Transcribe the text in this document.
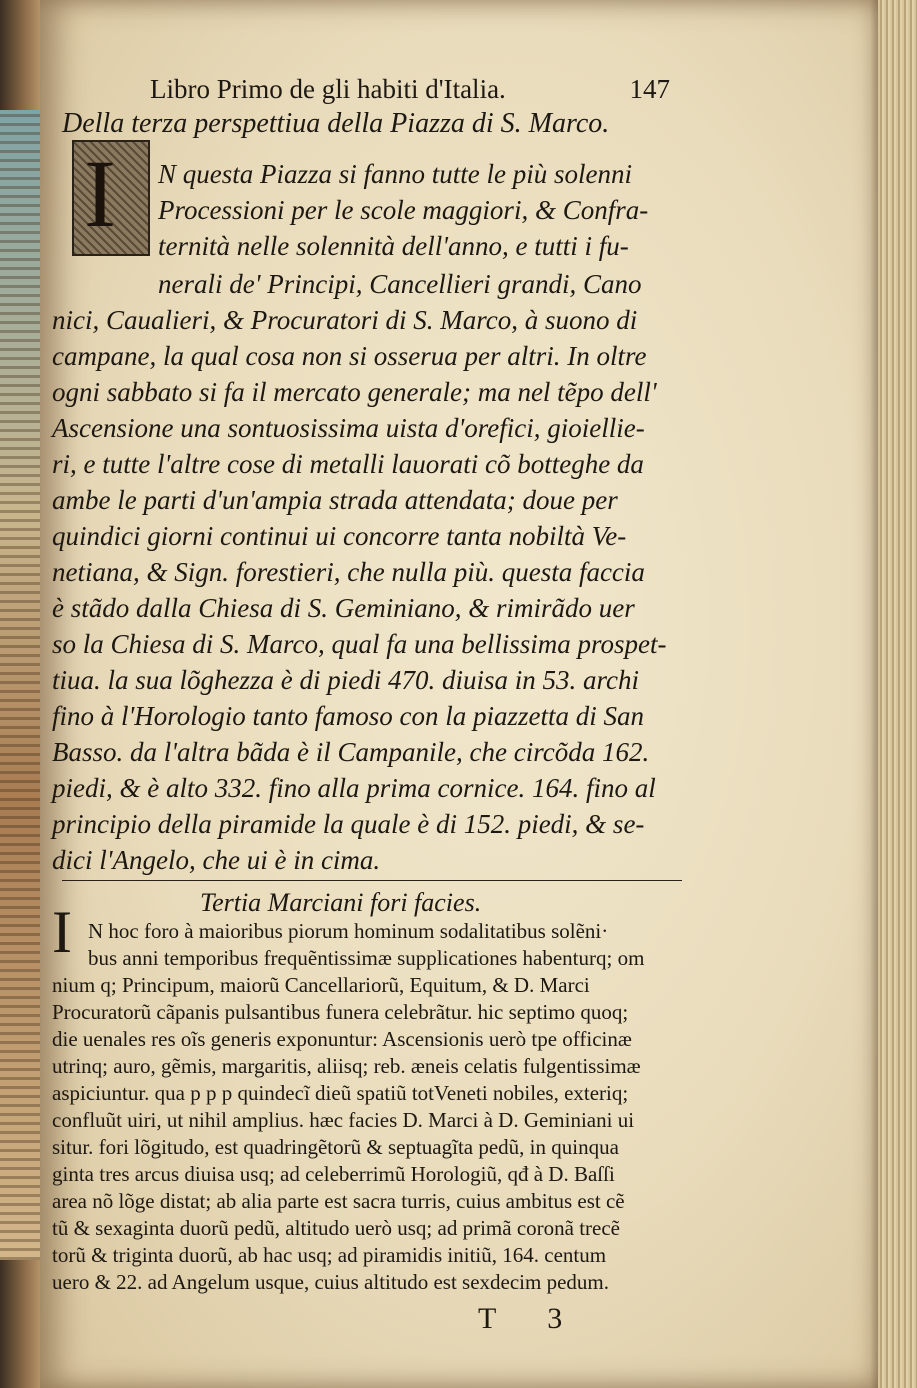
Libro Primo de gli habiti d'Italia.	147
Della terza perspettiua della Piazza di S. Marco.
I N questa Piazza si fanno tutte le più solenni
Processioni per le scole maggiori, & Confra-
ternità nelle solennità dell'anno, e tutti i fu-
nerali de' Principi, Cancellieri grandi, Cano
nici, Caualieri, & Procuratori di S. Marco, à suono di
campane, la qual cosa non si osserua per altri. In oltre
ogni sabbato si fa il mercato generale; ma nel tẽpo dell'
Ascensione una sontuosissima uista d'orefici, gioiellie-
ri, e tutte l'altre cose di metalli lauorati cõ botteghe da
ambe le parti d'un'ampia strada attendata; doue per
quindici giorni continui ui concorre tanta nobiltà Ve-
netiana, & Sign. forestieri, che nulla più. questa faccia
è stãdo dalla Chiesa di S. Geminiano, & rimirãdo uer
so la Chiesa di S. Marco, qual fa una bellissima prospet-
tiua. la sua lõghezza è di piedi 470. diuisa in 53. archi
fino à l'Horologio tanto famoso con la piazzetta di San
Basso. da l'altra bãda è il Campanile, che circõda 162.
piedi, & è alto 332. fino alla prima cornice. 164. fino al
principio della piramide la quale è di 152. piedi, & se-
dici l'Angelo, che ui è in cima.
Tertia Marciani fori facies.
I N hoc foro à maioribus piorum hominum sodalitatibus solẽni·
bus anni temporibus frequẽntissimæ supplicationes habenturq; om
nium q; Principum, maiorũ Cancellariorũ, Equitum, & D. Marci
Procuratorũ cãpanis pulsantibus funera celebrãtur. hic septimo quoq;
die uenales res oĩs generis exponuntur: Ascensionis uerò tpe officinæ
utrinq; auro, gẽmis, margaritis, aliisq; reb. æneis celatis fulgentissimæ
aspiciuntur. qua p p p quindecĩ dieũ spatiũ totVeneti nobiles, exteriq;
confluũt uiri, ut nihil amplius. hæc facies D. Marci à D. Geminiani ui
situr. fori lõgitudo, est quadringẽtorũ & septuagĩta pedũ, in quinqua
ginta tres arcus diuisa usq; ad celeberrimũ Horologiũ, qđ à D. Baſſi
area nõ lõge distat; ab alia parte est sacra turris, cuius ambitus est cẽ
tũ & sexaginta duorũ pedũ, altitudo uerò usq; ad primã coronã trecẽ
torũ & triginta duorũ, ab hac usq; ad piramidis initiũ, 164. centum
uero & 22. ad Angelum usque, cuius altitudo est sexdecim pedum.
T 3
